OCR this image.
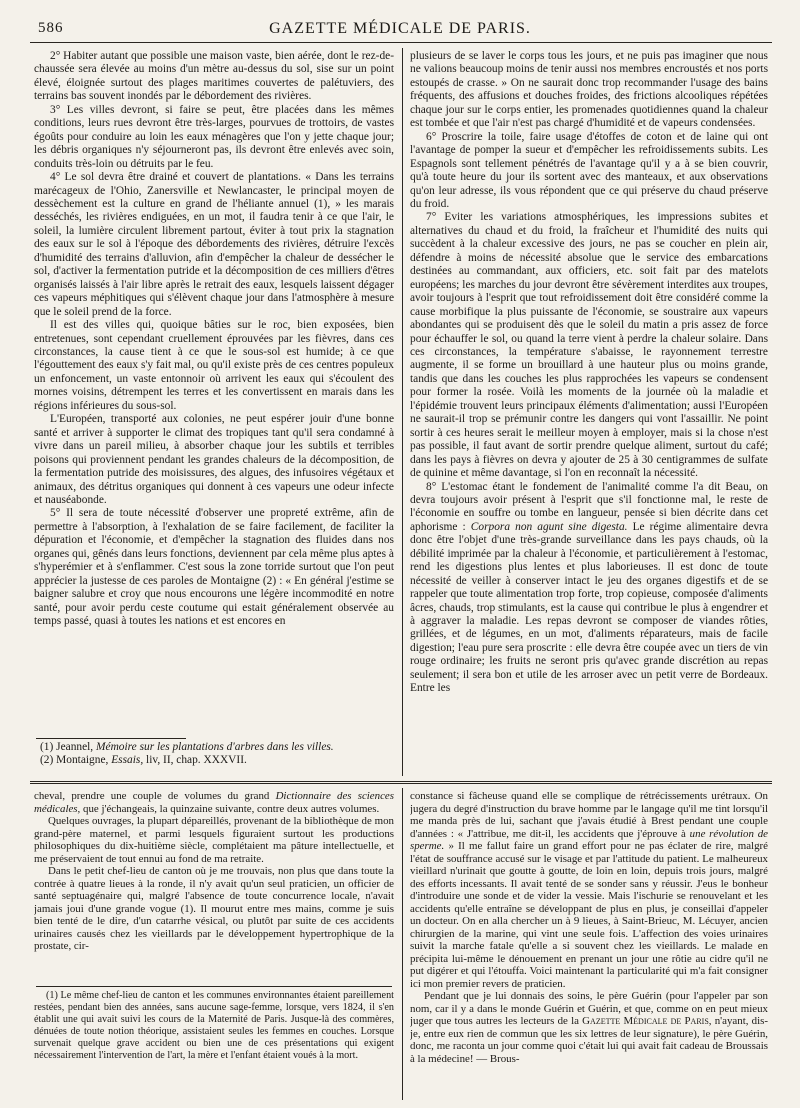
586	GAZETTE MÉDICALE DE PARIS.

2° Habiter autant que possible une maison vaste, bien aérée, dont le rez-de-chaussée sera élevée au moins d'un mètre au-dessus du sol, sise sur un point élevé, éloignée surtout des plages maritimes couvertes de palétuviers, des terrains bas souvent inondés par le débordement des rivières.

3° Les villes devront, si faire se peut, être placées dans les mêmes conditions, leurs rues devront être très-larges, pourvues de trottoirs, de vastes égoûts pour conduire au loin les eaux ménagères que l'on y jette chaque jour; les débris organiques n'y séjourneront pas, ils devront être enlevés avec soin, conduits très-loin ou détruits par le feu.

4° Le sol devra être drainé et couvert de plantations. « Dans les terrains marécageux de l'Ohio, Zanersville et Newlancaster, le principal moyen de dessèchement est la culture en grand de l'héliante annuel (1), » les marais desséchés, les rivières endiguées, en un mot, il faudra tenir à ce que l'air, le soleil, la lumière circulent librement partout, éviter à tout prix la stagnation des eaux sur le sol à l'époque des débordements des rivières, détruire l'excès d'humidité des terrains d'alluvion, afin d'empêcher la chaleur de dessécher le sol, d'activer la fermentation putride et la décomposition de ces milliers d'êtres organisés laissés à l'air libre après le retrait des eaux, lesquels laissent dégager ces vapeurs méphitiques qui s'élèvent chaque jour dans l'atmosphère à mesure que le soleil prend de la force.

Il est des villes qui, quoique bâties sur le roc, bien exposées, bien entretenues, sont cependant cruellement éprouvées par les fièvres, dans ces circonstances, la cause tient à ce que le sous-sol est humide; à ce que l'égouttement des eaux s'y fait mal, ou qu'il existe près de ces centres populeux un enfoncement, un vaste entonnoir où arrivent les eaux qui s'écoulent des mornes voisins, détrempent les terres et les convertissent en marais dans les régions inférieures du sous-sol.

L'Européen, transporté aux colonies, ne peut espérer jouir d'une bonne santé et arriver à supporter le climat des tropiques tant qu'il sera condamné à vivre dans un pareil milieu, à absorber chaque jour les subtils et terribles poisons qui proviennent pendant les grandes chaleurs de la décomposition, de la fermentation putride des moisissures, des algues, des infusoires végétaux et animaux, des détritus organiques qui donnent à ces vapeurs une odeur infecte et nauséabonde.

5° Il sera de toute nécessité d'observer une propreté extrême, afin de permettre à l'absorption, à l'exhalation de se faire facilement, de faciliter la dépuration et l'économie, et d'empêcher la stagnation des fluides dans nos organes qui, gênés dans leurs fonctions, deviennent par cela même plus aptes à s'hyperémier et à s'enflammer. C'est sous la zone torride surtout que l'on peut apprécier la justesse de ces paroles de Montaigne (2) : « En général j'estime se baigner salubre et croy que nous encourons une légère incommodité en notre santé, pour avoir perdu ceste coutume qui estait généralement observée au temps passé, quasi à toutes les nations et est encores en

(1) Jeannel, Mémoire sur les plantations d'arbres dans les villes.
(2) Montaigne, Essais, liv, II, chap. XXXVII.

plusieurs de se laver le corps tous les jours, et ne puis pas imaginer que nous ne valions beaucoup moins de tenir aussi nos membres encroustés et nos ports estoupés de crasse. » On ne saurait donc trop recommander l'usage des bains fréquents, des affusions et douches froides, des frictions alcooliques répétées chaque jour sur le corps entier, les promenades quotidiennes quand la chaleur est tombée et que l'air n'est pas chargé d'humidité et de vapeurs condensées.

6° Proscrire la toile, faire usage d'étoffes de coton et de laine qui ont l'avantage de pomper la sueur et d'empêcher les refroidissements subits. Les Espagnols sont tellement pénétrés de l'avantage qu'il y a à se bien couvrir, qu'à toute heure du jour ils sortent avec des manteaux, et aux observations qu'on leur adresse, ils vous répondent que ce qui préserve du chaud préserve du froid.

7° Eviter les variations atmosphériques, les impressions subites et alternatives du chaud et du froid, la fraîcheur et l'humidité des nuits qui succèdent à la chaleur excessive des jours, ne pas se coucher en plein air, défendre à moins de nécessité absolue que le service des embarcations destinées au commandant, aux officiers, etc. soit fait par des matelots européens; les marches du jour devront être sévèrement interdites aux troupes, avoir toujours à l'esprit que tout refroidissement doit être considéré comme la cause morbifique la plus puissante de l'économie, se soustraire aux vapeurs abondantes qui se produisent dès que le soleil du matin a pris assez de force pour échauffer le sol, ou quand la terre vient à perdre la chaleur solaire. Dans ces circonstances, la température s'abaisse, le rayonnement terrestre augmente, il se forme un brouillard à une hauteur plus ou moins grande, tandis que dans les couches les plus rapprochées les vapeurs se condensent pour former la rosée. Voilà les moments de la journée où la maladie et l'épidémie trouvent leurs principaux éléments d'alimentation; aussi l'Européen ne saurait-il trop se prémunir contre les dangers qui vont l'assaillir. Ne point sortir à ces heures serait le meilleur moyen à employer, mais si la chose n'est pas possible, il faut avant de sortir prendre quelque aliment, surtout du café; dans les pays à fièvres on devra y ajouter de 25 à 30 centigrammes de sulfate de quinine et même davantage, si l'on en reconnaît la nécessité.

8° L'estomac étant le fondement de l'animalité comme l'a dit Beau, on devra toujours avoir présent à l'esprit que s'il fonctionne mal, le reste de l'économie en souffre ou tombe en langueur, pensée si bien décrite dans cet aphorisme : Corpora non agunt sine digesta. Le régime alimentaire devra donc être l'objet d'une très-grande surveillance dans les pays chauds, où la débilité imprimée par la chaleur à l'économie, et particulièrement à l'estomac, rend les digestions plus lentes et plus laborieuses. Il est donc de toute nécessité de veiller à conserver intact le jeu des organes digestifs et de se rappeler que toute alimentation trop forte, trop copieuse, composée d'aliments âcres, chauds, trop stimulants, est la cause qui contribue le plus à engendrer et à aggraver la maladie. Les repas devront se composer de viandes rôties, grillées, et de légumes, en un mot, d'aliments réparateurs, mais de facile digestion; l'eau pure sera proscrite : elle devra être coupée avec un tiers de vin rouge ordinaire; les fruits ne seront pris qu'avec grande discrétion au repas seulement; il sera bon et utile de les arroser avec un petit verre de Bordeaux. Entre les

cheval, prendre une couple de volumes du grand Dictionnaire des sciences médicales, que j'échangeais, la quinzaine suivante, contre deux autres volumes.

Quelques ouvrages, la plupart dépareillés, provenant de la bibliothèque de mon grand-père maternel, et parmi lesquels figuraient surtout les productions philosophiques du dix-huitième siècle, complétaient ma pâture intellectuelle, et me préservaient de tout ennui au fond de ma retraite.

Dans le petit chef-lieu de canton où je me trouvais, non plus que dans toute la contrée à quatre lieues à la ronde, il n'y avait qu'un seul praticien, un officier de santé septuagénaire qui, malgré l'absence de toute concurrence locale, n'avait jamais joui d'une grande vogue (1). Il mourut entre mes mains, comme je suis bien tenté de le dire, d'un catarrhe vésical, ou plutôt par suite de ces accidents urinaires causés chez les vieillards par le développement hypertrophique de la prostate, cir-

(1) Le même chef-lieu de canton et les communes environnantes étaient pareillement restées, pendant bien des années, sans aucune sage-femme, lorsque, vers 1824, il s'en établit une qui avait suivi les cours de la Maternité de Paris. Jusque-là des commères, dénuées de toute notion théorique, assistaient seules les femmes en couches. Lorsque survenait quelque grave accident ou bien une de ces présentations qui exigent nécessairement l'intervention de l'art, la mère et l'enfant étaient voués à la mort.

constance si fâcheuse quand elle se complique de rétrécissements urétraux. On jugera du degré d'instruction du brave homme par le langage qu'il me tint lorsqu'il me manda près de lui, sachant que j'avais étudié à Brest pendant une couple d'années : « J'attribue, me dit-il, les accidents que j'éprouve à une révolution de sperme. » Il me fallut faire un grand effort pour ne pas éclater de rire, malgré l'état de souffrance accusé sur le visage et par l'attitude du patient. Le malheureux vieillard n'urinait que goutte à goutte, de loin en loin, depuis trois jours, malgré des efforts incessants. Il avait tenté de se sonder sans y réussir. J'eus le bonheur d'introduire une sonde et de vider la vessie. Mais l'ischurie se renouvelant et les accidents qu'elle entraîne se développant de plus en plus, je conseillai d'appeler un docteur. On en alla chercher un à 9 lieues, à Saint-Brieuc, M. Lécuyer, ancien chirurgien de la marine, qui vint une seule fois. L'affection des voies urinaires suivit la marche fatale qu'elle a si souvent chez les vieillards. Le malade en précipita lui-même le dénouement en prenant un jour une rôtie au cidre qu'il ne put digérer et qui l'étouffa. Voici maintenant la particularité qui m'a fait consigner ici mon premier revers de praticien.

Pendant que je lui donnais des soins, le père Guérin (pour l'appeler par son nom, car il y a dans le monde Guérin et Guérin, et que, comme on en peut mieux juger que tous autres les lecteurs de la Gazette Médicale de Paris, n'ayant, dis-je, entre eux rien de commun que les six lettres de leur signature), le père Guérin, donc, me raconta un jour comme quoi c'était lui qui avait fait cadeau de Broussais à la médecine! — Brous-
